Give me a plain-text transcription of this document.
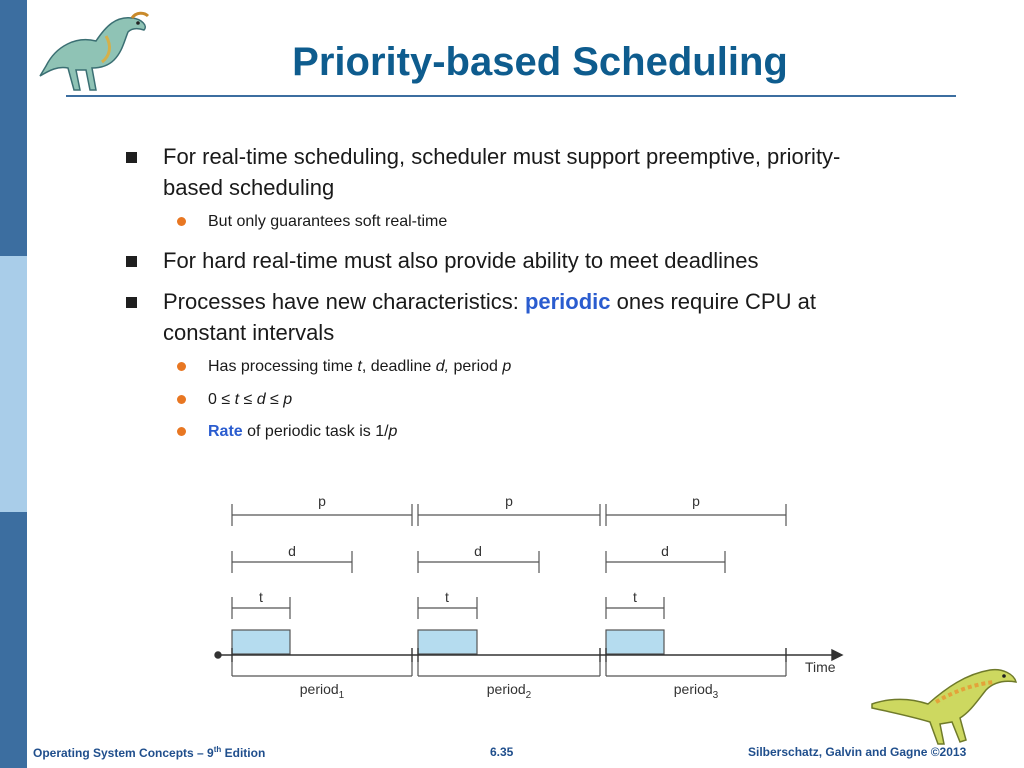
Priority-based Scheduling
For real-time scheduling, scheduler must support preemptive, priority-
based scheduling
But only guarantees soft real-time
For hard real-time must also provide ability to meet deadlines
Processes have new characteristics: periodic ones require CPU at
constant intervals
Has processing time t, deadline d, period p
0 ≤ t ≤ d ≤ p
Rate of periodic task is 1/p
p	p	p
d	d	d
t	t	t
Time
period$_1$	period$_2$	period$_3$
Operating System Concepts – 9th Edition	6.35	Silberschatz, Galvin and Gagne ©2013
